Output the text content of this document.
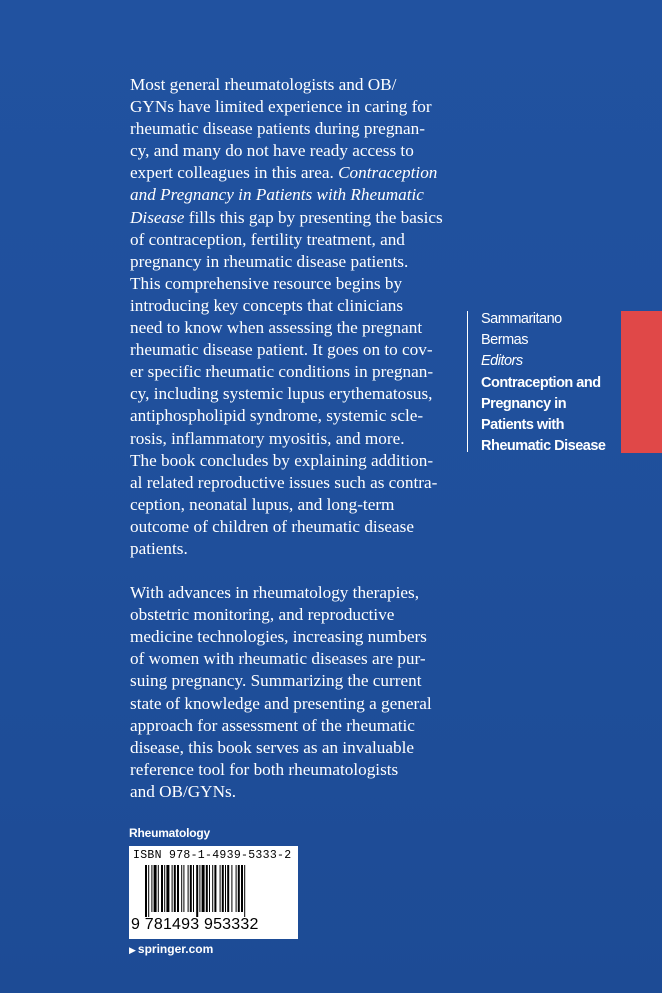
Most general rheumatologists and OB/
GYNs have limited experience in caring for
rheumatic disease patients during pregnan-
cy, and many do not have ready access to
expert colleagues in this area. Contraception
and Pregnancy in Patients with Rheumatic
Disease fills this gap by presenting the basics
of contraception, fertility treatment, and
pregnancy in rheumatic disease patients.
This comprehensive resource begins by
introducing key concepts that clinicians
need to know when assessing the pregnant
rheumatic disease patient. It goes on to cov-
er specific rheumatic conditions in pregnan-
cy, including systemic lupus erythematosus,
antiphospholipid syndrome, systemic scle-
rosis, inflammatory myositis, and more.
The book concludes by explaining addition-
al related reproductive issues such as contra-
ception, neonatal lupus, and long-term
outcome of children of rheumatic disease
patients.

With advances in rheumatology therapies,
obstetric monitoring, and reproductive
medicine technologies, increasing numbers
of women with rheumatic diseases are pur-
suing pregnancy. Summarizing the current
state of knowledge and presenting a general
approach for assessment of the rheumatic
disease, this book serves as an invaluable
reference tool for both rheumatologists
and OB/GYNs.

Sammaritano
Bermas
Editors
Contraception and
Pregnancy in
Patients with
Rheumatic Disease
Rheumatology
ISBN 978-1-4939-5333-2
9 781493 953332
▶ springer.com
